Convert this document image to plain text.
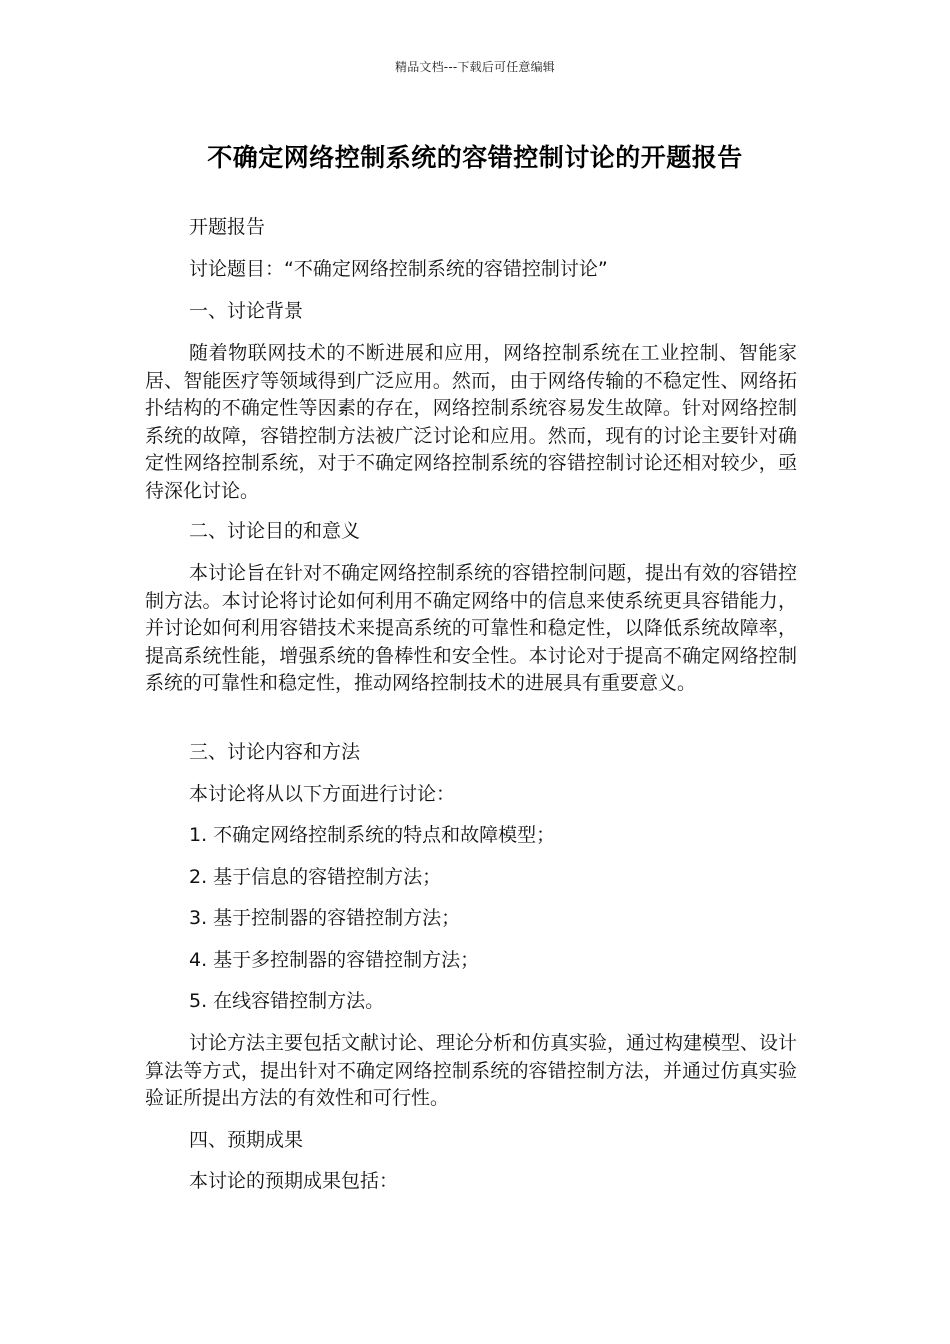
精品文档---下载后可任意编辑
不确定网络控制系统的容错控制讨论的开题报告
开题报告
讨论题目：“不确定网络控制系统的容错控制讨论”
一、讨论背景
随着物联网技术的不断进展和应用，网络控制系统在工业控制、智能家居、智能医疗等领域得到广泛应用。然而，由于网络传输的不稳定性、网络拓扑结构的不确定性等因素的存在，网络控制系统容易发生故障。针对网络控制系统的故障，容错控制方法被广泛讨论和应用。然而，现有的讨论主要针对确定性网络控制系统，对于不确定网络控制系统的容错控制讨论还相对较少，亟待深化讨论。
二、讨论目的和意义
本讨论旨在针对不确定网络控制系统的容错控制问题，提出有效的容错控制方法。本讨论将讨论如何利用不确定网络中的信息来使系统更具容错能力，并讨论如何利用容错技术来提高系统的可靠性和稳定性，以降低系统故障率，提高系统性能，增强系统的鲁棒性和安全性。本讨论对于提高不确定网络控制系统的可靠性和稳定性，推动网络控制技术的进展具有重要意义。
三、讨论内容和方法
本讨论将从以下方面进行讨论：
1. 不确定网络控制系统的特点和故障模型；
2. 基于信息的容错控制方法；
3. 基于控制器的容错控制方法；
4. 基于多控制器的容错控制方法；
5. 在线容错控制方法。
讨论方法主要包括文献讨论、理论分析和仿真实验，通过构建模型、设计算法等方式，提出针对不确定网络控制系统的容错控制方法，并通过仿真实验验证所提出方法的有效性和可行性。
四、预期成果
本讨论的预期成果包括：
